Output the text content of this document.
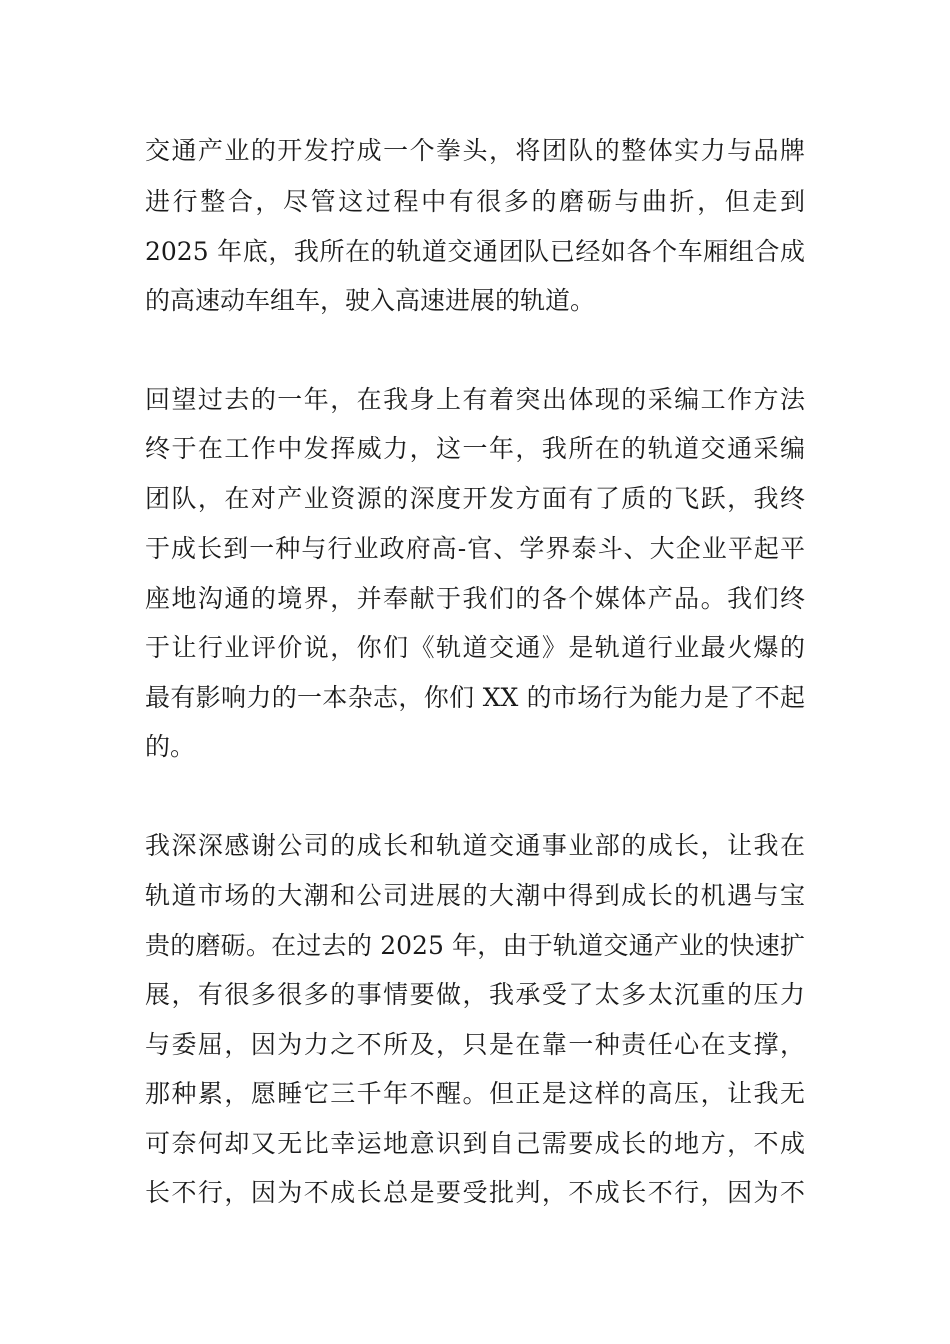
交通产业的开发拧成一个拳头，将团队的整体实力与品牌
进行整合，尽管这过程中有很多的磨砺与曲折，但走到
2025 年底，我所在的轨道交通团队已经如各个车厢组合成
的高速动车组车，驶入高速进展的轨道。
回望过去的一年，在我身上有着突出体现的采编工作方法
终于在工作中发挥威力，这一年，我所在的轨道交通采编
团队，在对产业资源的深度开发方面有了质的飞跃，我终
于成长到一种与行业政府高-官、学界泰斗、大企业平起平
座地沟通的境界，并奉献于我们的各个媒体产品。我们终
于让行业评价说，你们《轨道交通》是轨道行业最火爆的
最有影响力的一本杂志，你们 XX 的市场行为能力是了不起
的。
我深深感谢公司的成长和轨道交通事业部的成长，让我在
轨道市场的大潮和公司进展的大潮中得到成长的机遇与宝
贵的磨砺。在过去的 2025 年，由于轨道交通产业的快速扩
展，有很多很多的事情要做，我承受了太多太沉重的压力
与委屈，因为力之不所及，只是在靠一种责任心在支撑，
那种累，愿睡它三千年不醒。但正是这样的高压，让我无
可奈何却又无比幸运地意识到自己需要成长的地方，不成
长不行，因为不成长总是要受批判，不成长不行，因为不
